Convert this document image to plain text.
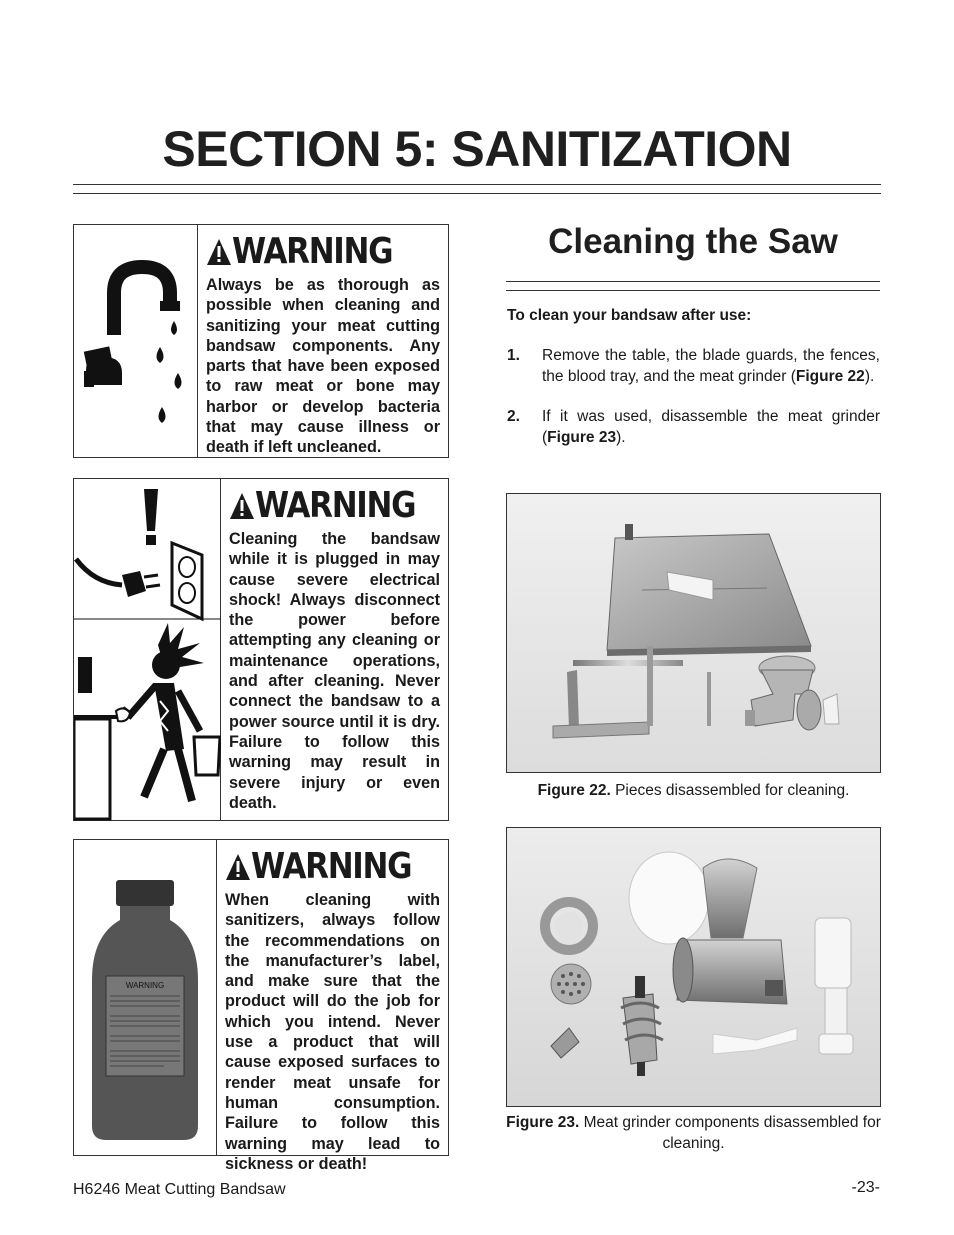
SECTION 5: SANITIZATION
WARNING
Always be as thorough as possible when cleaning and sanitizing your meat cutting bandsaw components. Any parts that have been exposed to raw meat or bone may harbor or develop bacteria that may cause illness or death if left uncleaned.
WARNING
Cleaning the bandsaw while it is plugged in may cause severe electrical shock! Always disconnect the power before attempting any cleaning or maintenance operations, and after cleaning. Never connect the bandsaw to a power source until it is dry. Failure to follow this warning may result in severe injury or even death.
WARNING
WARNING
When cleaning with sanitizers, always follow the recommendations on the manufacturer’s label, and make sure that the product will do the job for which you intend. Never use a product that will cause exposed surfaces to render meat unsafe for human consumption. Failure to follow this warning may lead to sickness or death!
Cleaning the Saw
To clean your bandsaw after use:
1.	Remove the table, the blade guards, the fences, the blood tray, and the meat grinder (Figure 22).
2.	If it was used, disassemble the meat grinder (Figure 23).
Figure 22. Pieces disassembled for cleaning.
Figure 23. Meat grinder components disassembled for cleaning.
H6246 Meat Cutting Bandsaw	-23-
